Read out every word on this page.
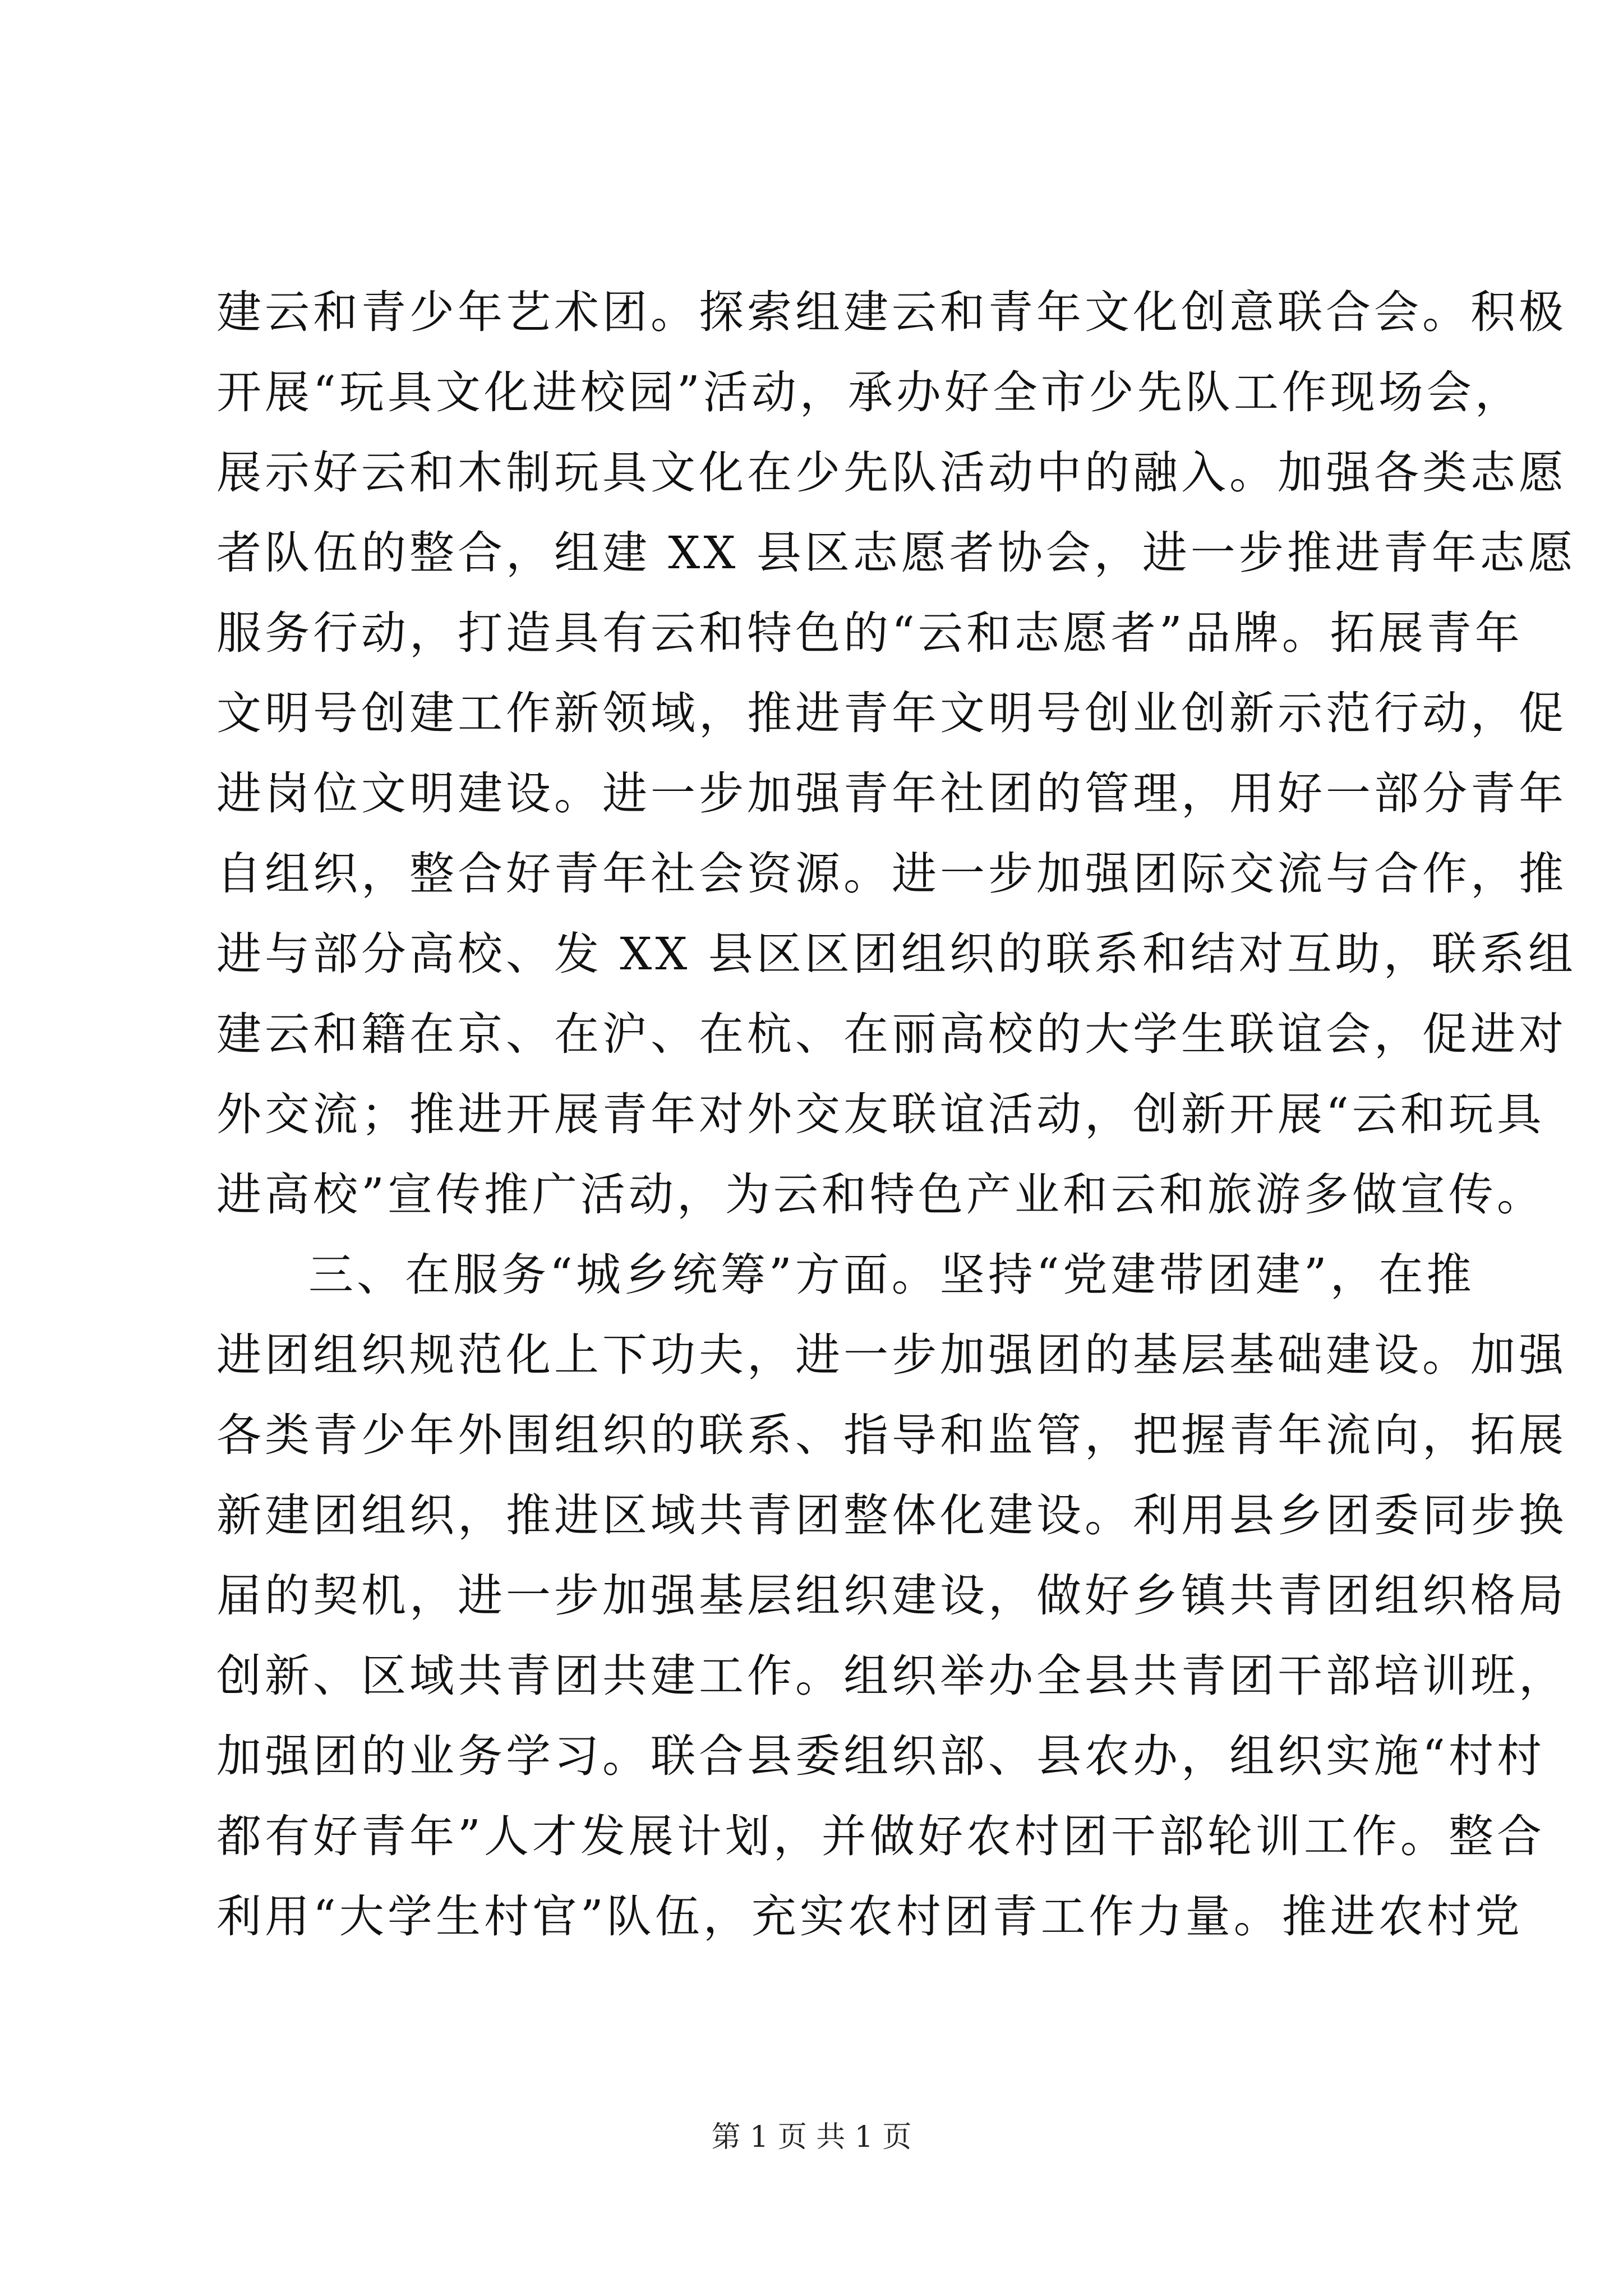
建云和青少年艺术团。探索组建云和青年文化创意联合会。积极
开展“玩具文化进校园”活动，承办好全市少先队工作现场会，
展示好云和木制玩具文化在少先队活动中的融入。加强各类志愿
者队伍的整合，组建 XX 县区志愿者协会，进一步推进青年志愿
服务行动，打造具有云和特色的“云和志愿者”品牌。拓展青年
文明号创建工作新领域，推进青年文明号创业创新示范行动，促
进岗位文明建设。进一步加强青年社团的管理，用好一部分青年
自组织，整合好青年社会资源。进一步加强团际交流与合作，推
进与部分高校、发 XX 县区区团组织的联系和结对互助，联系组
建云和籍在京、在沪、在杭、在丽高校的大学生联谊会，促进对
外交流；推进开展青年对外交友联谊活动，创新开展“云和玩具
进高校”宣传推广活动，为云和特色产业和云和旅游多做宣传。
三、在服务“城乡统筹”方面。坚持“党建带团建”，在推
进团组织规范化上下功夫，进一步加强团的基层基础建设。加强
各类青少年外围组织的联系、指导和监管，把握青年流向，拓展
新建团组织，推进区域共青团整体化建设。利用县乡团委同步换
届的契机，进一步加强基层组织建设，做好乡镇共青团组织格局
创新、区域共青团共建工作。组织举办全县共青团干部培训班，
加强团的业务学习。联合县委组织部、县农办，组织实施“村村
都有好青年”人才发展计划，并做好农村团干部轮训工作。整合
利用“大学生村官”队伍，充实农村团青工作力量。推进农村党
第 1 页 共 1 页
